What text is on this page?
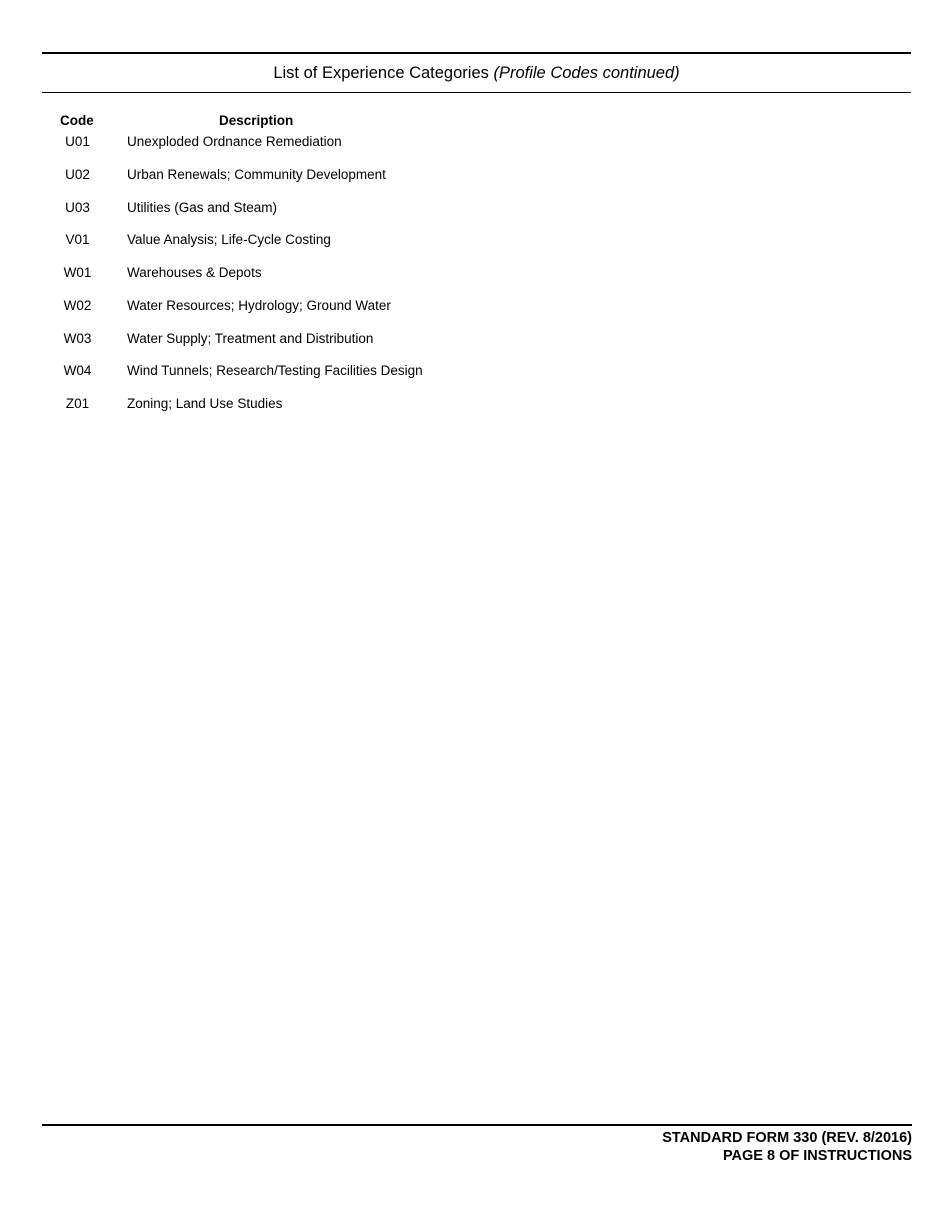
List of Experience Categories (Profile Codes continued)
Code	Description
U01	Unexploded Ordnance Remediation
U02	Urban Renewals; Community Development
U03	Utilities (Gas and Steam)
V01	Value Analysis; Life-Cycle Costing
W01	Warehouses & Depots
W02	Water Resources; Hydrology; Ground Water
W03	Water Supply; Treatment and Distribution
W04	Wind Tunnels; Research/Testing Facilities Design
Z01	Zoning; Land Use Studies
STANDARD FORM 330 (REV. 8/2016)
PAGE 8 OF INSTRUCTIONS
